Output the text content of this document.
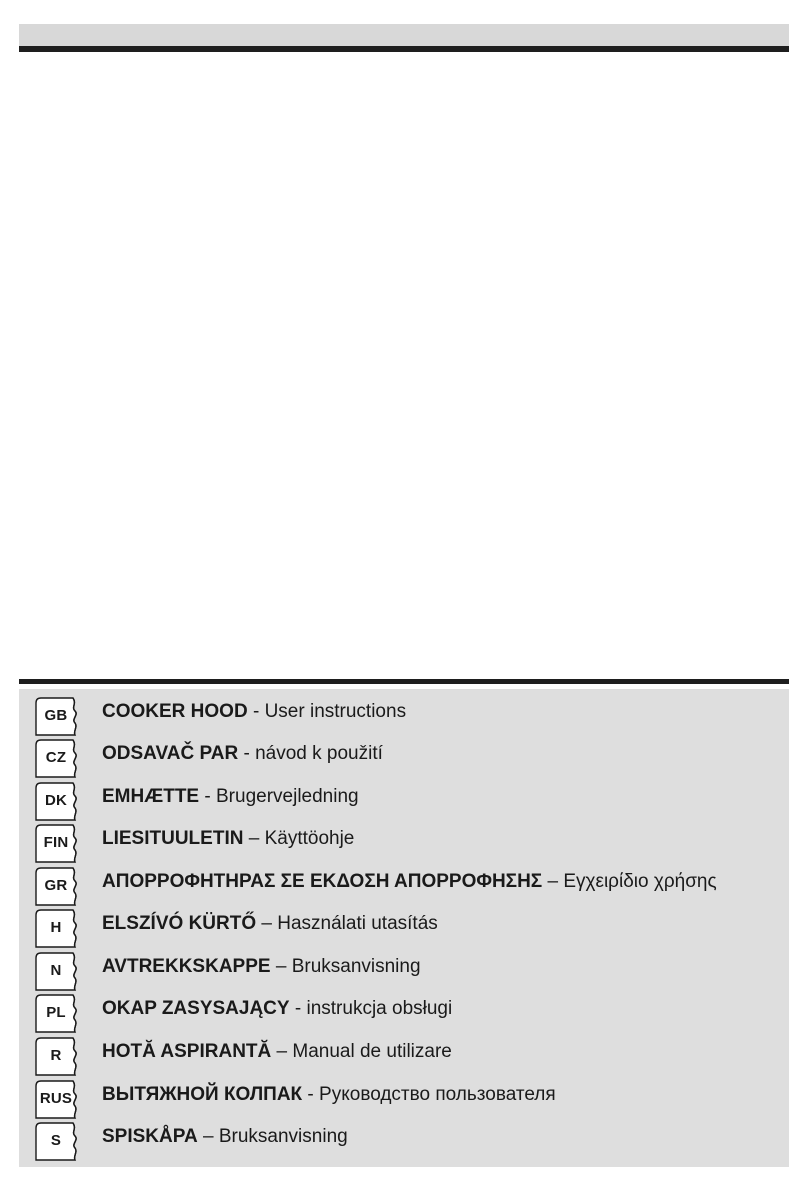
GB	COOKER HOOD - User instructions
CZ	ODSAVAČ PAR - návod k použití
DK	EMHÆTTE - Brugervejledning
FIN	LIESITUULETIN – Käyttöohje
GR	ΑΠΟΡΡΟΦΗΤΗΡΑΣ ΣΕ ΕΚΔΟΣΗ ΑΠΟΡΡΟΦΗΣΗΣ – Εγχειρίδιο χρήσης
H	ELSZÍVÓ KÜRTŐ – Használati utasítás
N	AVTREKKSKAPPE – Bruksanvisning
PL	OKAP ZASYSAJĄCY - instrukcja obsługi
R	HOTĂ ASPIRANTĂ – Manual de utilizare
RUS ВЫТЯЖНОЙ КОЛПАК - Руководство пользователя
S	SPISKÅPA – Bruksanvisning
